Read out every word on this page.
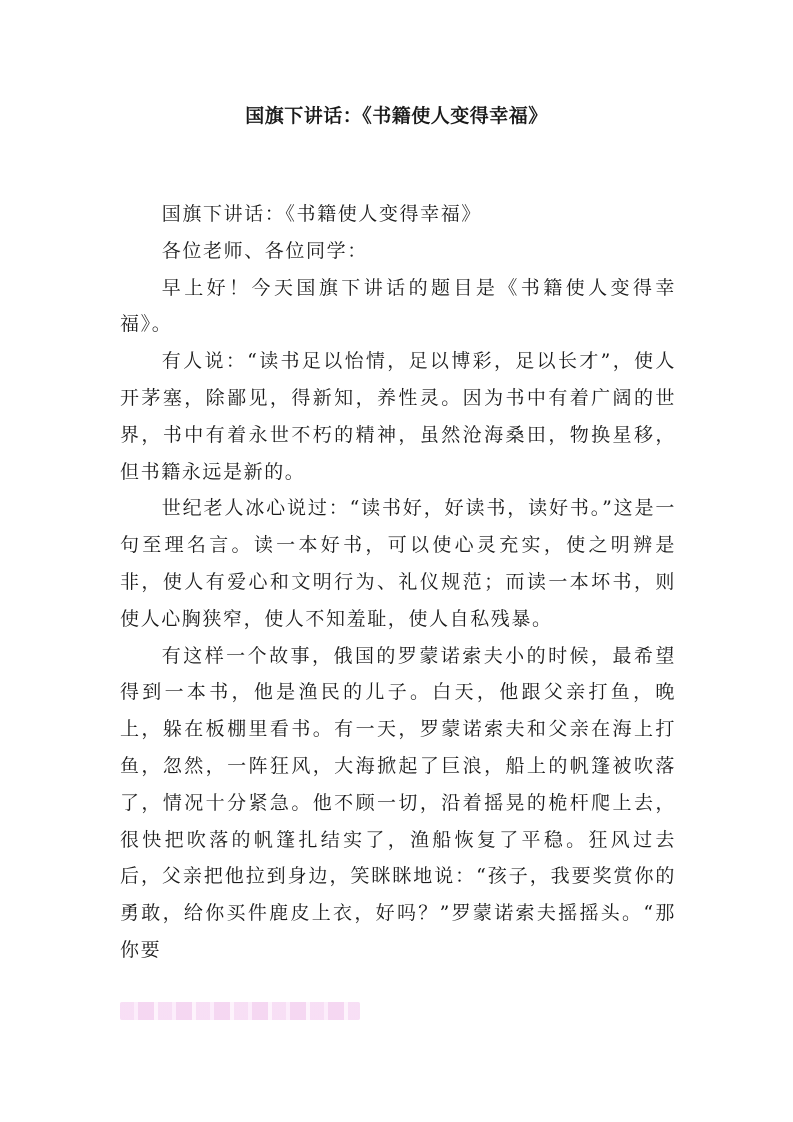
国旗下讲话：《书籍使人变得幸福》

国旗下讲话：《书籍使人变得幸福》

各位老师、各位同学：

早上好！今天国旗下讲话的题目是《书籍使人变得幸福》。

有人说：“读书足以怡情，足以博彩，足以长才”，使人开茅塞，除鄙见，得新知，养性灵。因为书中有着广阔的世界，书中有着永世不朽的精神，虽然沧海桑田，物换星移，但书籍永远是新的。

世纪老人冰心说过：“读书好，好读书，读好书。”这是一句至理名言。读一本好书，可以使心灵充实，使之明辨是非，使人有爱心和文明行为、礼仪规范；而读一本坏书，则使人心胸狭窄，使人不知羞耻，使人自私残暴。

有这样一个故事，俄国的罗蒙诺索夫小的时候，最希望得到一本书，他是渔民的儿子。白天，他跟父亲打鱼，晚上，躲在板棚里看书。有一天，罗蒙诺索夫和父亲在海上打鱼，忽然，一阵狂风，大海掀起了巨浪，船上的帆篷被吹落了，情况十分紧急。他不顾一切，沿着摇晃的桅杆爬上去，很快把吹落的帆篷扎结实了，渔船恢复了平稳。狂风过去后，父亲把他拉到身边，笑眯眯地说：“孩子，我要奖赏你的勇敢，给你买件鹿皮上衣，好吗？”罗蒙诺索夫摇摇头。“那你要
